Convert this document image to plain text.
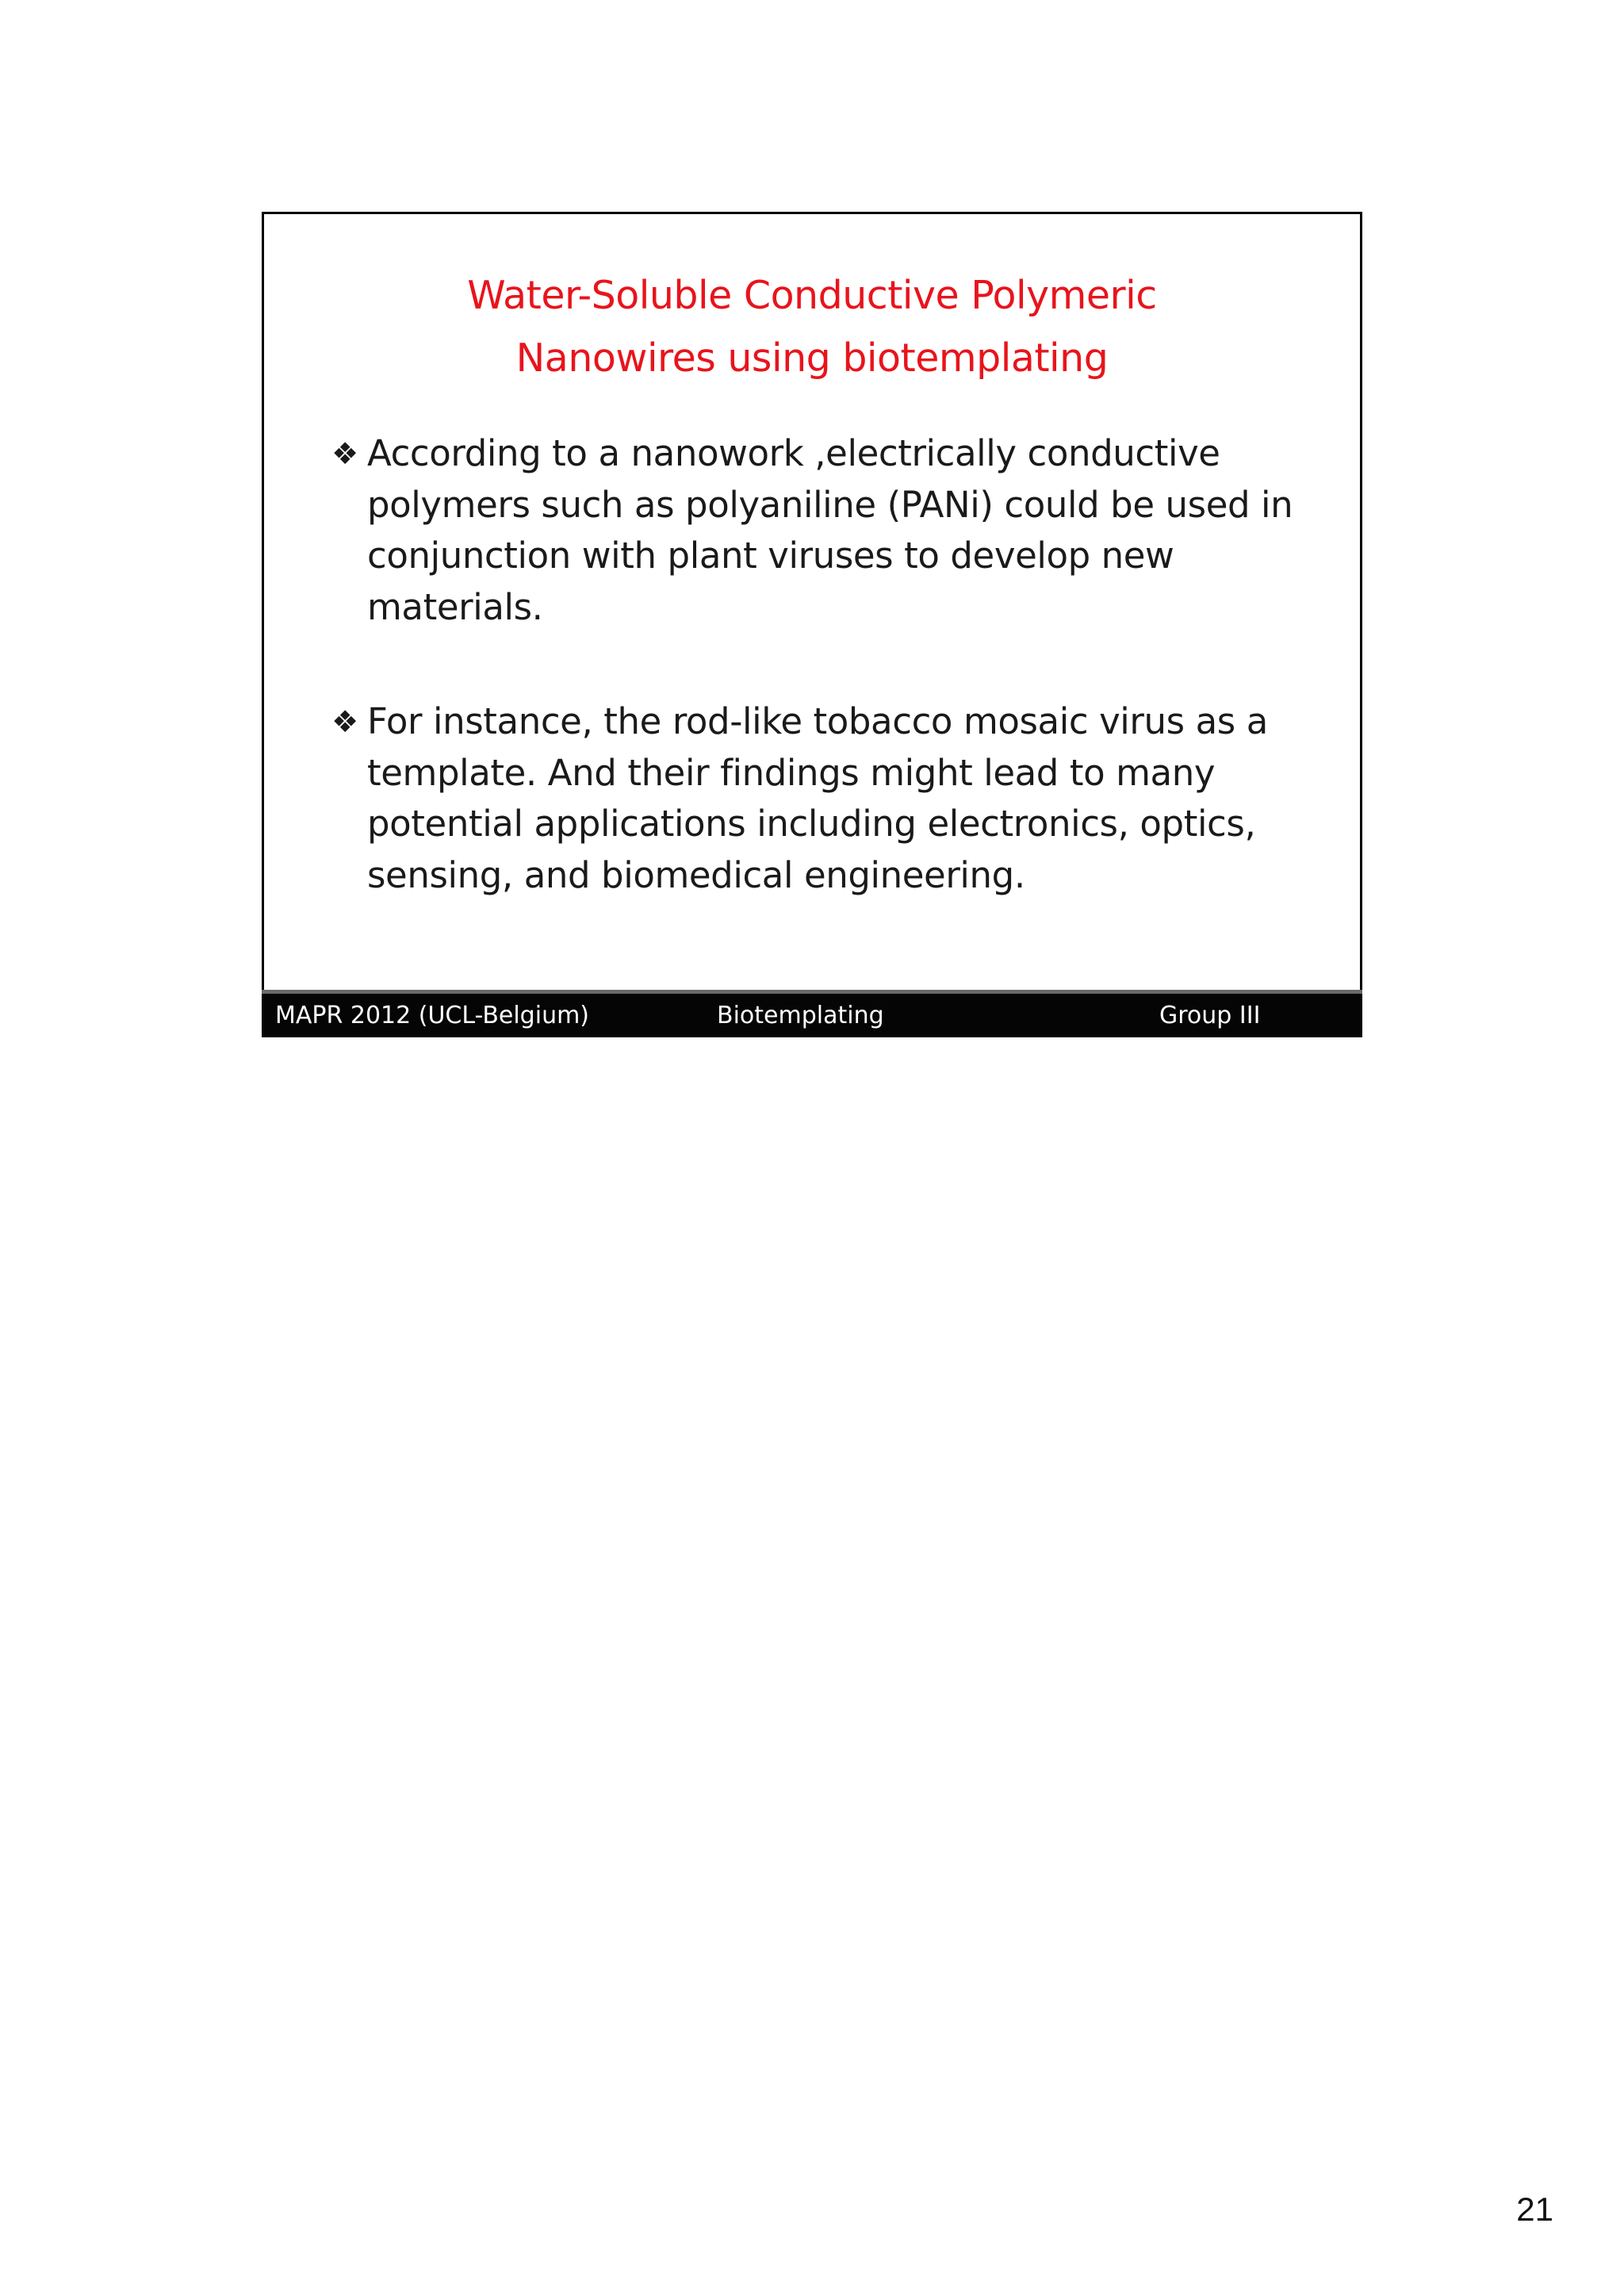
Water-Soluble Conductive Polymeric
Nanowires using biotemplating
❖ According to a nanowork ,electrically conductive
polymers such as polyaniline (PANi) could be used in
conjunction with plant viruses to develop new
materials.
❖ For instance, the rod-like tobacco mosaic virus as a
template. And their findings might lead to many
potential applications including electronics, optics,
sensing, and biomedical engineering.
MAPR 2012 (UCL-Belgium)	Biotemplating	Group III
21
